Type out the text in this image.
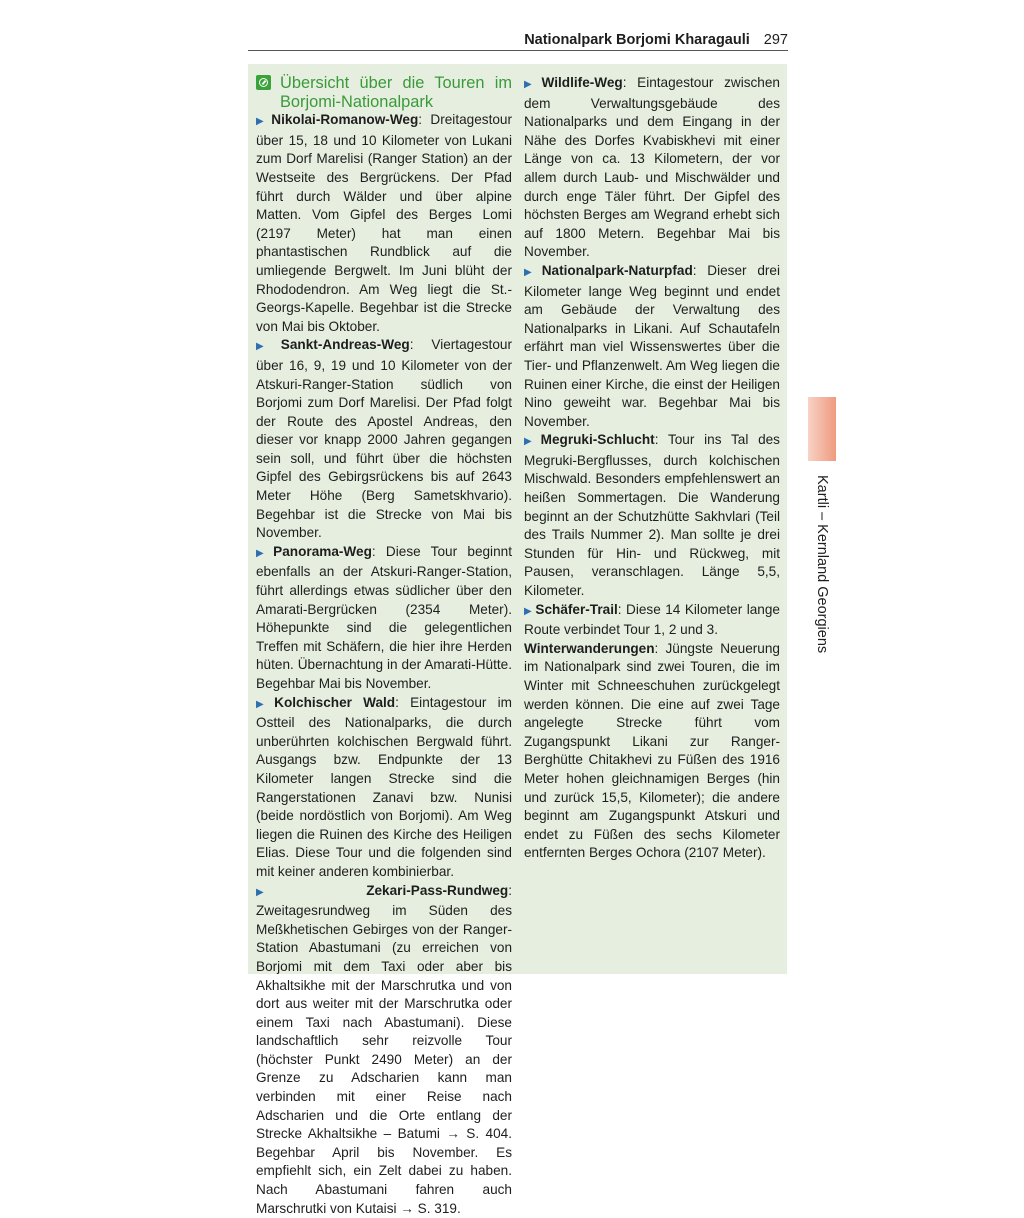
Nationalpark Borjomi Kharagauli 297
Übersicht über die Touren im Borjomi-Nationalpark

▶ Nikolai-Romanow-Weg: Dreitagestour über 15, 18 und 10 Kilometer von Lukani zum Dorf Marelisi (Ranger Station) an der Westseite des Bergrückens. Der Pfad führt durch Wälder und über alpine Matten. Vom Gipfel des Berges Lomi (2197 Meter) hat man einen phantastischen Rundblick auf die umliegende Bergwelt. Im Juni blüht der Rhododendron. Am Weg liegt die St.-Georgs-Kapelle. Begehbar ist die Strecke von Mai bis Oktober.

▶ Sankt-Andreas-Weg: Viertagestour über 16, 9, 19 und 10 Kilometer von der Atskuri-Ranger-Station südlich von Borjomi zum Dorf Marelisi. Der Pfad folgt der Route des Apostel Andreas, den dieser vor knapp 2000 Jahren gegangen sein soll, und führt über die höchsten Gipfel des Gebirgsrückens bis auf 2643 Meter Höhe (Berg Sametskhvario). Begehbar ist die Strecke von Mai bis November.

▶ Panorama-Weg: Diese Tour beginnt ebenfalls an der Atskuri-Ranger-Station, führt allerdings etwas südlicher über den Amarati-Bergrücken (2354 Meter). Höhepunkte sind die gelegentlichen Treffen mit Schäfern, die hier ihre Herden hüten. Übernachtung in der Amarati-Hütte. Begehbar Mai bis November.

▶ Kolchischer Wald: Eintagestour im Ostteil des Nationalparks, die durch unberührten kolchischen Bergwald führt. Ausgangs bzw. Endpunkte der 13 Kilometer langen Strecke sind die Rangerstationen Zanavi bzw. Nunisi (beide nordöstlich von Borjomi). Am Weg liegen die Ruinen des Kirche des Heiligen Elias. Diese Tour und die folgenden sind mit keiner anderen kombinierbar.

▶ Zekari-Pass-Rundweg: Zweitagesrundweg im Süden des Meßkhetischen Gebirges von der Ranger-Station Abastumani (zu erreichen von Borjomi mit dem Taxi oder aber bis Akhaltsikhe mit der Marschrutka und von dort aus weiter mit der Marschrutka oder einem Taxi nach Abastumani). Diese landschaftlich sehr reizvolle Tour (höchster Punkt 2490 Meter) an der Grenze zu Adscharien kann man verbinden mit einer Reise nach Adscharien und die Orte entlang der Strecke Akhaltsikhe – Batumi → S. 404. Begehbar April bis November. Es empfiehlt sich, ein Zelt dabei zu haben. Nach Abastumani fahren auch Marschrutki von Kutaisi → S. 319.

▶ Wildlife-Weg: Eintagestour zwischen dem Verwaltungsgebäude des Nationalparks und dem Eingang in der Nähe des Dorfes Kvabiskhevi mit einer Länge von ca. 13 Kilometern, der vor allem durch Laub- und Mischwälder und durch enge Täler führt. Der Gipfel des höchsten Berges am Wegrand erhebt sich auf 1800 Metern. Begehbar Mai bis November.

▶ Nationalpark-Naturpfad: Dieser drei Kilometer lange Weg beginnt und endet am Gebäude der Verwaltung des Nationalparks in Likani. Auf Schautafeln erfährt man viel Wissenswertes über die Tier- und Pflanzenwelt. Am Weg liegen die Ruinen einer Kirche, die einst der Heiligen Nino geweiht war. Begehbar Mai bis November.

▶ Megruki-Schlucht: Tour ins Tal des Megruki-Bergflusses, durch kolchischen Mischwald. Besonders empfehlenswert an heißen Sommertagen. Die Wanderung beginnt an der Schutzhütte Sakhvlari (Teil des Trails Nummer 2). Man sollte je drei Stunden für Hin- und Rückweg, mit Pausen, veranschlagen. Länge 5,5, Kilometer.

▶ Schäfer-Trail: Diese 14 Kilometer lange Route verbindet Tour 1, 2 und 3.

Winterwanderungen: Jüngste Neuerung im Nationalpark sind zwei Touren, die im Winter mit Schneeschuhen zurückgelegt werden können. Die eine auf zwei Tage angelegte Strecke führt vom Zugangspunkt Likani zur Ranger-Berghütte Chitakhevi zu Füßen des 1916 Meter hohen gleichnamigen Berges (hin und zurück 15,5, Kilometer); die andere beginnt am Zugangspunkt Atskuri und endet zu Füßen des sechs Kilometer entfernten Berges Ochora (2107 Meter).

Kartli – Kernland Georgiens
